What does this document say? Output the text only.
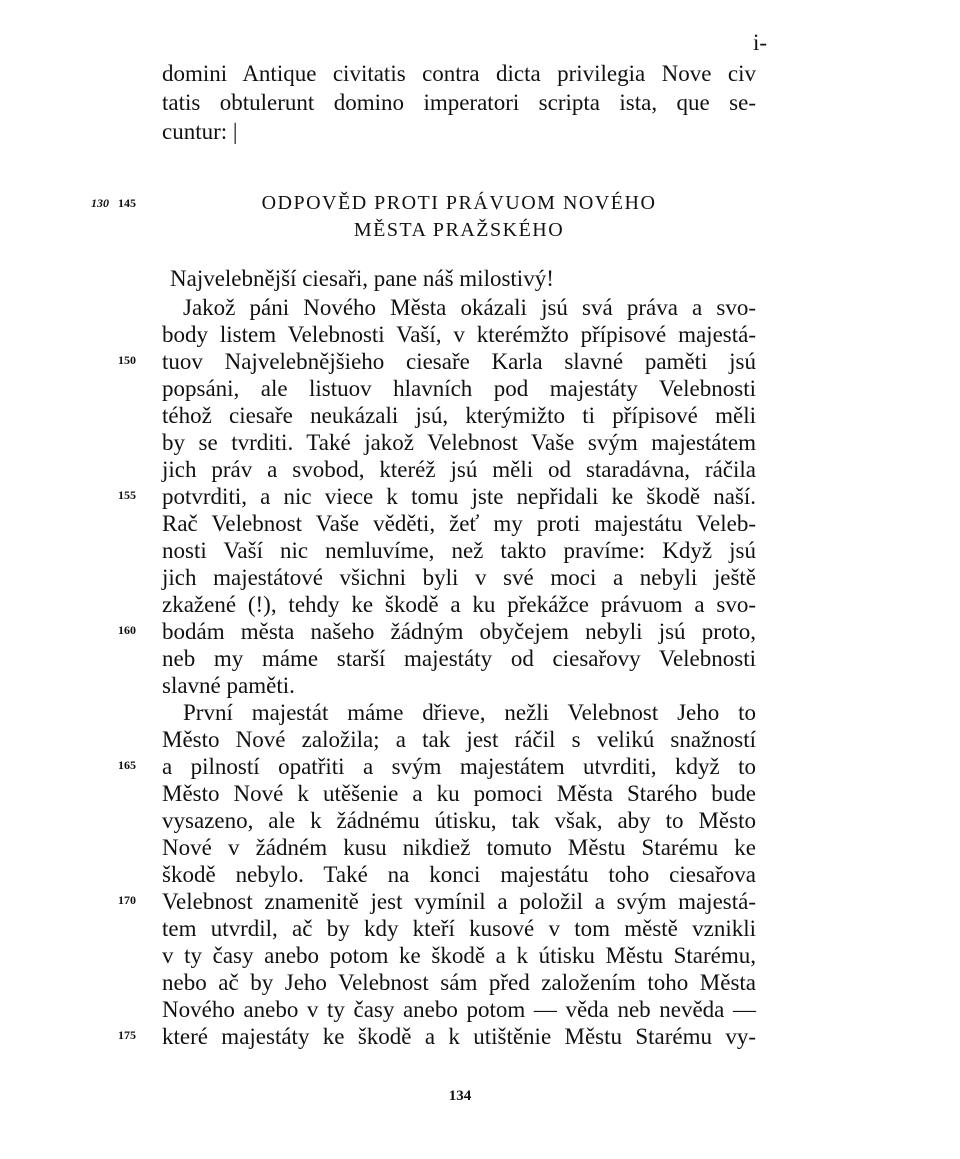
i-
domini Antique civitatis contra dicta privilegia Nove civ
tatis obtulerunt domino imperatori scripta ista, que se-
cuntur: |
130 145	ODPOVĚD PROTI PRÁVUOM NOVÉHO
MĚSTA PRAŽSKÉHO
Najvelebnější ciesaři, pane náš milostivý!
Jakož páni Nového Města okázali jsú svá práva a svo-
body listem Velebnosti Vaší, v kterémžto přípisové majestá-
tuov Najvelebnějšieho ciesaře Karla slavné paměti jsú
popsáni, ale listuov hlavních pod majestáty Velebnosti
téhož ciesaře neukázali jsú, kterýmižto ti přípisové měli
by se tvrditi. Také jakož Velebnost Vaše svým majestátem
jich práv a svobod, kteréž jsú měli od staradávna, ráčila
potvrditi, a nic viece k tomu jste nepřidali ke škodě naší.
Rač Velebnost Vaše věděti, žeť my proti majestátu Veleb-
nosti Vaší nic nemluvíme, než takto pravíme: Když jsú
jich majestátové všichni byli v své moci a nebyli ještě
zkažené (!), tehdy ke škodě a ku překážce právuom a svo-
bodám města našeho žádným obyčejem nebyli jsú proto,
neb my máme starší majestáty od ciesařovy Velebnosti
slavné paměti.
První majestát máme dřieve, nežli Velebnost Jeho to
Město Nové založila; a tak jest ráčil s velikú snažností
a pilností opatřiti a svým majestátem utvrditi, když to
Město Nové k utěšenie a ku pomoci Města Starého bude
vysazeno, ale k žádnému útisku, tak však, aby to Město
Nové v žádném kusu nikdiež tomuto Městu Starému ke
škodě nebylo. Také na konci majestátu toho ciesařova
Velebnost znamenitě jest vymínil a položil a svým majestá-
tem utvrdil, ač by kdy kteří kusové v tom městě vznikli
v ty časy anebo potom ke škodě a k útisku Městu Starému,
nebo ač by Jeho Velebnost sám před založením toho Města
Nového anebo v ty časy anebo potom — věda neb nevěda —
které majestáty ke škodě a k utištěnie Městu Starému vy-
150
155
160
165
170
175
134
